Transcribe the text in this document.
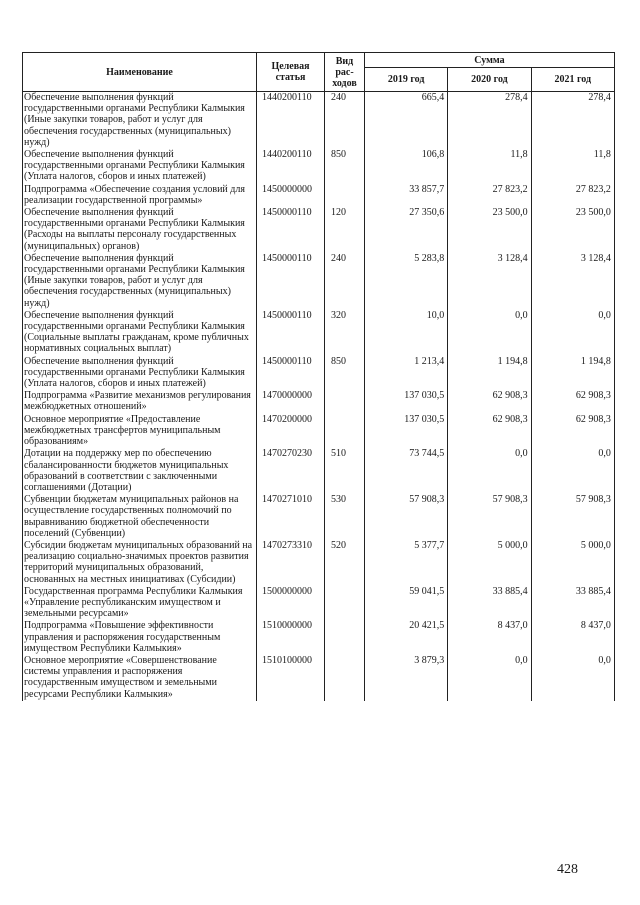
Наименование	Целевая статья	Вид рас-ходов	Сумма		
			2019 год	2020 год	2021 год
Обеспечение выполнения функций государственными органами Республики Калмыкия (Иные закупки товаров, работ и услуг для обеспечения государственных (муниципальных) нужд)	1440200110	240	665,4	278,4	278,4
Обеспечение выполнения функций государственными органами Республики Калмыкия (Уплата налогов, сборов и иных платежей)	1440200110	850	106,8	11,8	11,8
Подпрограмма «Обеспечение создания условий для реализации государственной программы»	1450000000		33 857,7	27 823,2	27 823,2
Обеспечение выполнения функций государственными органами Республики Калмыкия (Расходы на выплаты персоналу государственных (муниципальных) органов)	1450000110	120	27 350,6	23 500,0	23 500,0
Обеспечение выполнения функций государственными органами Республики Калмыкия (Иные закупки товаров, работ и услуг для обеспечения государственных (муниципальных) нужд)	1450000110	240	5 283,8	3 128,4	3 128,4
Обеспечение выполнения функций государственными органами Республики Калмыкия (Социальные выплаты гражданам, кроме публичных нормативных социальных выплат)	1450000110	320	10,0	0,0	0,0
Обеспечение выполнения функций государственными органами Республики Калмыкия (Уплата налогов, сборов и иных платежей)	1450000110	850	1 213,4	1 194,8	1 194,8
Подпрограмма «Развитие механизмов регулирования межбюджетных отношений»	1470000000		137 030,5	62 908,3	62 908,3
Основное мероприятие «Предоставление межбюджетных трансфертов муниципальным образованиям»	1470200000		137 030,5	62 908,3	62 908,3
Дотации на поддержку мер по обеспечению сбалансированности бюджетов муниципальных образований в соответствии с заключенными соглашениями (Дотации)	1470270230	510	73 744,5	0,0	0,0
Субвенции бюджетам муниципальных районов на осуществление государственных полномочий по выравниванию бюджетной обеспеченности поселений (Субвенции)	1470271010	530	57 908,3	57 908,3	57 908,3
Субсидии бюджетам муниципальных образований на реализацию социально-значимых проектов развития территорий муниципальных образований, основанных на местных инициативах (Субсидии)	1470273310	520	5 377,7	5 000,0	5 000,0
Государственная программа Республики Калмыкия «Управление республиканским имуществом и земельными ресурсами»	1500000000		59 041,5	33 885,4	33 885,4
Подпрограмма «Повышение эффективности управления и распоряжения государственным имуществом Республики Калмыкия»	1510000000		20 421,5	8 437,0	8 437,0
Основное мероприятие «Совершенствование системы управления и распоряжения государственным имуществом и земельными ресурсами Республики Калмыкия»	1510100000		3 879,3	0,0	0,0
428
